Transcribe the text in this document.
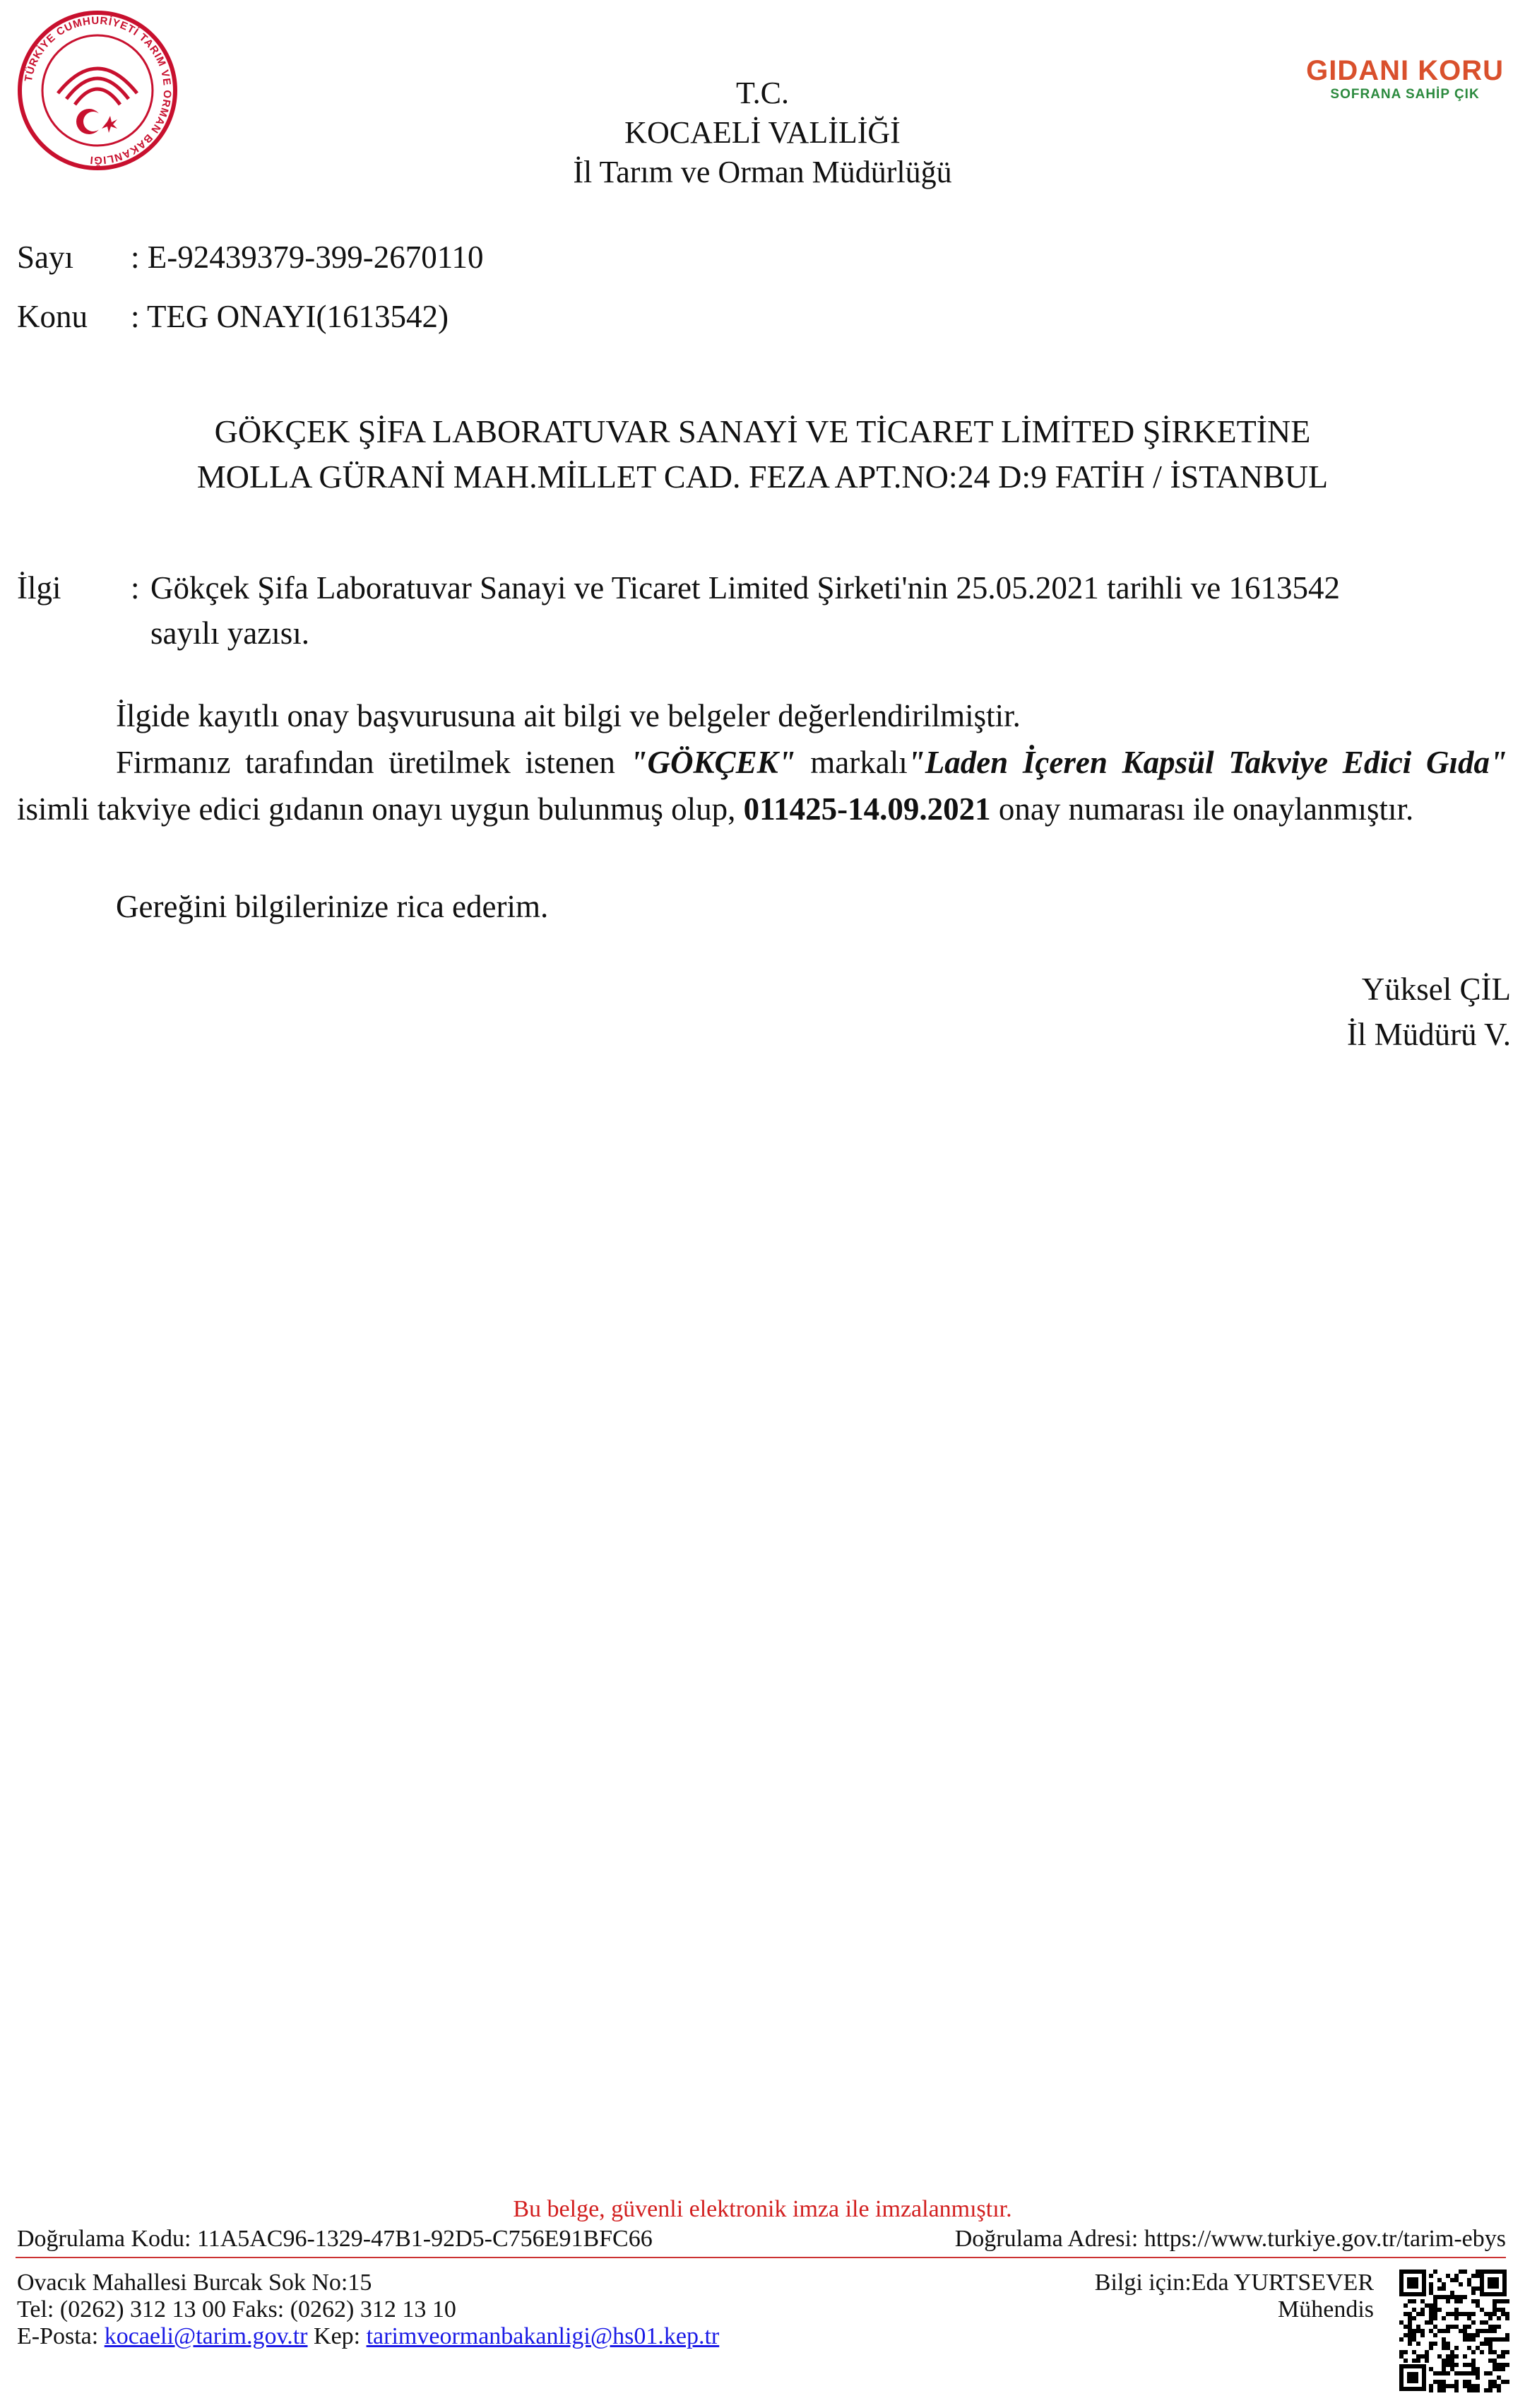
TÜRKİYE CUMHURİYETİ TARIM VE ORMAN BAKANLIĞI
T.C.
KOCAELİ VALİLİĞİ
İl Tarım ve Orman Müdürlüğü
GIDANI KORU
SOFRANA SAHİP ÇIK
Sayı : E-92439379-399-2670110
Konu : TEG ONAYI(1613542)
GÖKÇEK ŞİFA LABORATUVAR SANAYİ VE TİCARET LİMİTED ŞİRKETİNE
MOLLA GÜRANİ MAH.MİLLET CAD. FEZA APT.NO:24 D:9 FATİH / İSTANBUL
İlgi : Gökçek Şifa Laboratuvar Sanayi ve Ticaret Limited Şirketi'nin 25.05.2021 tarihli ve 1613542
sayılı yazısı.
İlgide kayıtlı onay başvurusuna ait bilgi ve belgeler değerlendirilmiştir.
Firmanız tarafından üretilmek istenen "GÖKÇEK" markalı"Laden İçeren Kapsül Takviye Edici Gıda" isimli takviye edici gıdanın onayı uygun bulunmuş olup, 011425-14.09.2021 onay numarası ile onaylanmıştır.
Gereğini bilgilerinize rica ederim.
Yüksel ÇİL
İl Müdürü V.
Bu belge, güvenli elektronik imza ile imzalanmıştır.
Doğrulama Kodu: 11A5AC96-1329-47B1-92D5-C756E91BFC66	Doğrulama Adresi: https://www.turkiye.gov.tr/tarim-ebys
Ovacık Mahallesi Burcak Sok No:15
Tel: (0262) 312 13 00 Faks: (0262) 312 13 10
E-Posta: kocaeli@tarim.gov.tr Kep: tarimveormanbakanligi@hs01.kep.tr
Bilgi için:Eda YURTSEVER
Mühendis
